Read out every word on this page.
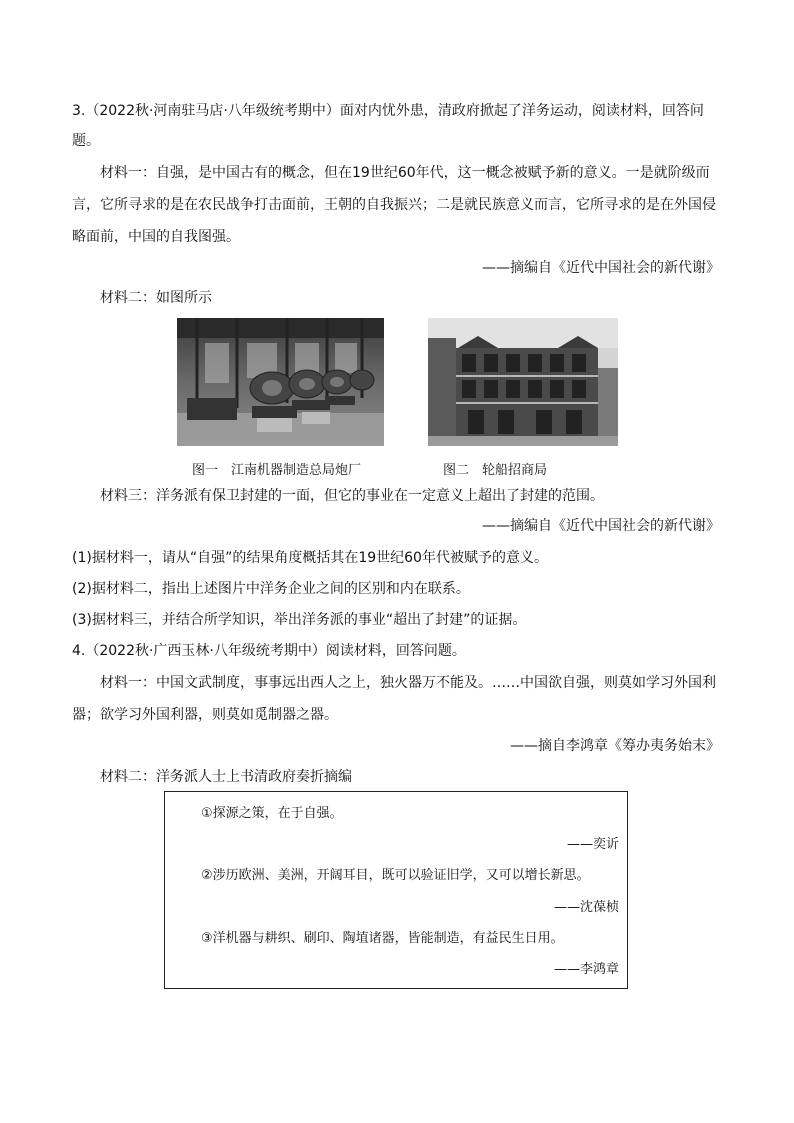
3.（2022秋·河南驻马店·八年级统考期中）面对内忧外患，清政府掀起了洋务运动，阅读材料，回答问
题。
材料一：自强，是中国古有的概念，但在19世纪60年代，这一概念被赋予新的意义。一是就阶级而
言，它所寻求的是在农民战争打击面前，王朝的自我振兴；二是就民族意义而言，它所寻求的是在外国侵
略面前，中国的自我图强。
——摘编自《近代中国社会的新代谢》
材料二：如图所示
图一　江南机器制造总局炮厂	图二　轮船招商局
材料三：洋务派有保卫封建的一面，但它的事业在一定意义上超出了封建的范围。
——摘编自《近代中国社会的新代谢》
(1)据材料一，请从“自强”的结果角度概括其在19世纪60年代被赋予的意义。
(2)据材料二，指出上述图片中洋务企业之间的区别和内在联系。
(3)据材料三，并结合所学知识，举出洋务派的事业“超出了封建”的证据。
4.（2022秋·广西玉林·八年级统考期中）阅读材料，回答问题。
材料一：中国文武制度，事事远出西人之上，独火器万不能及。……中国欲自强，则莫如学习外国利
器；欲学习外国利器，则莫如觅制器之器。
——摘自李鸿章《筹办夷务始末》
材料二：洋务派人士上书清政府奏折摘编
①探源之策，在于自强。
——奕䜣
②涉历欧洲、美洲，开阔耳目，既可以验证旧学，又可以增长新思。
——沈葆桢
③洋机器与耕织、刷印、陶埴诸器，皆能制造，有益民生日用。
——李鸿章
